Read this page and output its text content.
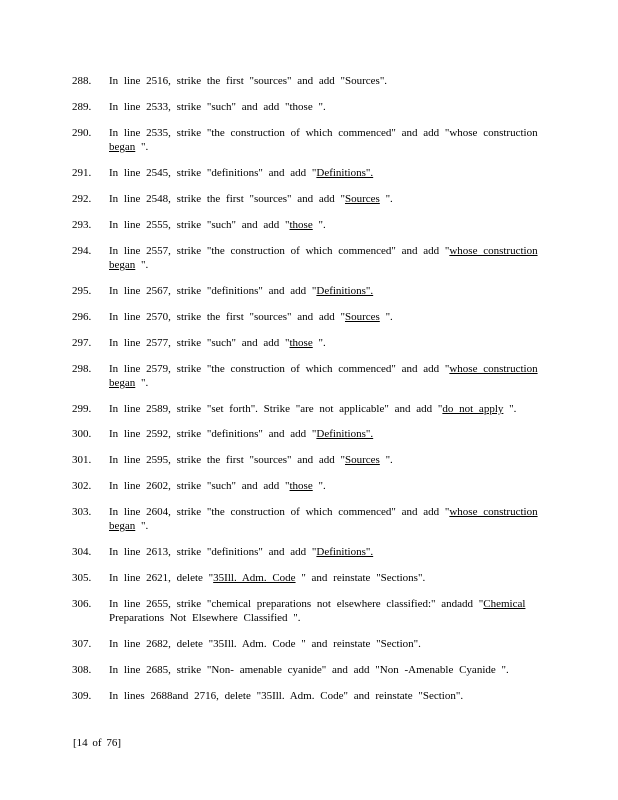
288.	In line 2516, strike the first "sources" and add "Sources".
289.	In line 2533, strike "such" and add "those ".
290.	In line 2535, strike "the construction of which commenced" and add "whose construction began ".
291.	In line 2545, strike "definitions" and add "Definitions".
292.	In line 2548, strike the first "sources" and add "Sources ".
293.	In line 2555, strike "such" and add "those ".
294.	In line 2557, strike "the construction of which commenced" and add "whose construction began ".
295.	In line 2567, strike "definitions" and add "Definitions".
296.	In line 2570, strike the first "sources" and add "Sources ".
297.	In line 2577, strike "such" and add "those ".
298.	In line 2579, strike "the construction of which commenced" and add "whose construction began ".
299.	In line 2589, strike "set forth". Strike "are not applicable" and add "do not apply ".
300.	In line 2592, strike "definitions" and add "Definitions".
301.	In line 2595, strike the first "sources" and add "Sources ".
302.	In line 2602, strike "such" and add "those ".
303.	In line 2604, strike "the construction of which commenced" and add "whose construction began ".
304.	In line 2613, strike "definitions" and add "Definitions".
305.	In line 2621, delete "35Ill. Adm. Code " and reinstate "Sections".
306.	In line 2655, strike "chemical preparations not elsewhere classified:" andadd "Chemical Preparations Not Elsewhere Classified ".
307.	In line 2682, delete "35Ill. Adm. Code " and reinstate "Section".
308.	In line 2685, strike "Non- amenable cyanide" and add "Non -Amenable Cyanide ".
309.	In lines 2688and 2716, delete "35Ill. Adm. Code" and reinstate "Section".
[14 of 76]
